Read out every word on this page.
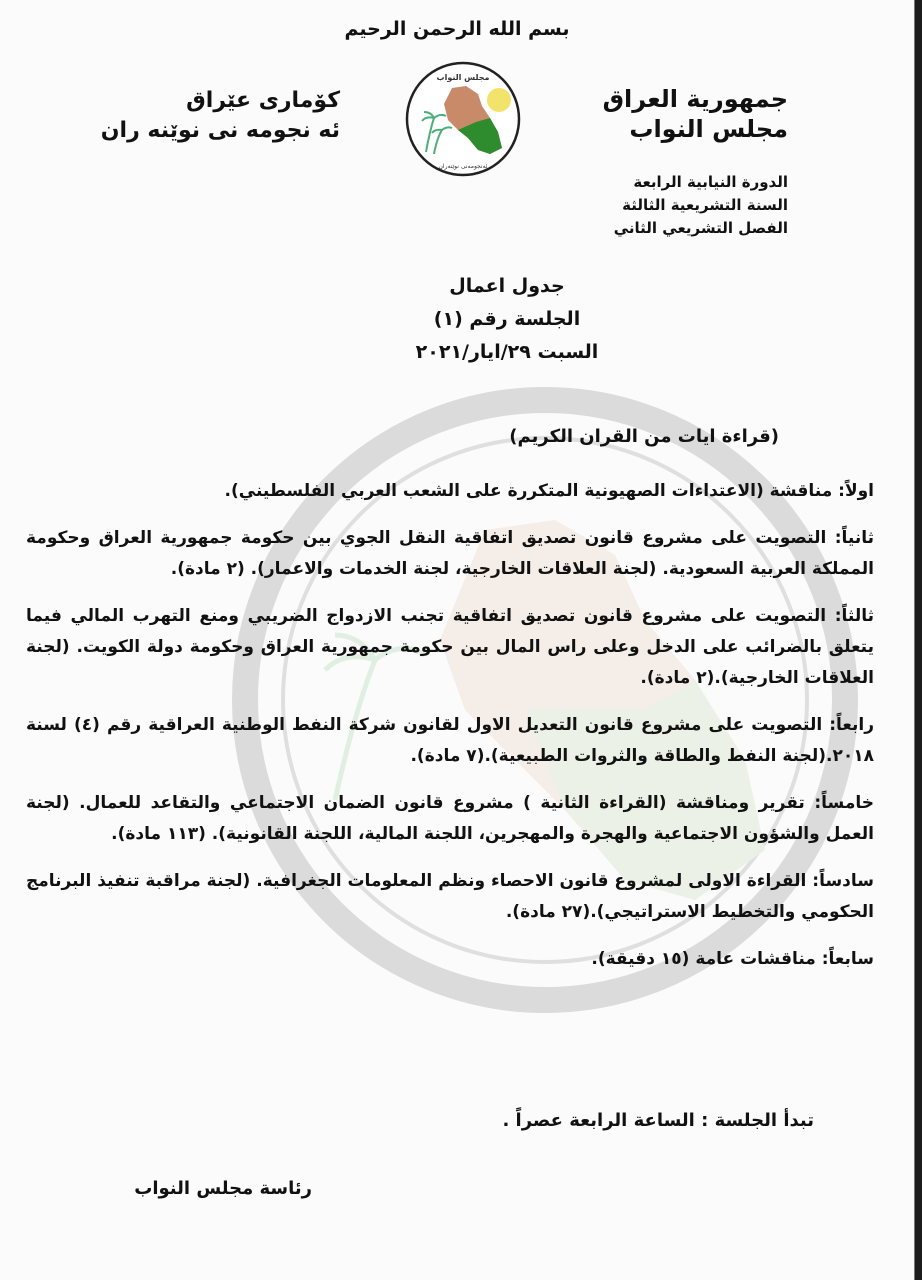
بسم الله الرحمن الرحيم
جمهورية العراق
مجلس النواب
كۆماری عێراق
ئە نجومە نی نوێنە ران
مجلس النواب
ئەنجومەنی نوێنەران
الدورة النيابية الرابعة
السنة التشريعية الثالثة
الفصل التشريعي الثاني
جدول اعمال
الجلسة رقم (١)
السبت ٢٩/ايار/٢٠٢١
(قراءة ايات من القران الكريم)
اولاً: مناقشة (الاعتداءات الصهيونية المتكررة على الشعب العربي الفلسطيني).
ثانياً: التصويت على مشروع قانون تصديق اتفاقية النقل الجوي بين حكومة جمهورية العراق وحكومة المملكة العربية السعودية. (لجنة العلاقات الخارجية، لجنة الخدمات والاعمار). (٢ مادة).
ثالثاً: التصويت على مشروع قانون تصديق اتفاقية تجنب الازدواج الضريبي ومنع التهرب المالي فيما يتعلق بالضرائب على الدخل وعلى راس المال بين حكومة جمهورية العراق وحكومة دولة الكويت. (لجنة العلاقات الخارجية).(٢ مادة).
رابعاً: التصويت على مشروع قانون التعديل الاول لقانون شركة النفط الوطنية العراقية رقم (٤) لسنة ٢٠١٨.(لجنة النفط والطاقة والثروات الطبيعية).(٧ مادة).
خامساً: تقرير ومناقشة (القراءة الثانية ) مشروع قانون الضمان الاجتماعي والتقاعد للعمال. (لجنة العمل والشؤون الاجتماعية والهجرة والمهجرين، اللجنة المالية، اللجنة القانونية). (١١٣ مادة).
سادساً: القراءة الاولى لمشروع قانون الاحصاء ونظم المعلومات الجغرافية. (لجنة مراقبة تنفيذ البرنامج الحكومي والتخطيط الاستراتيجي).(٢٧ مادة).
سابعاً: مناقشات عامة (١٥ دقيقة).
تبدأ الجلسة : الساعة الرابعة عصراً .
رئاسة مجلس النواب
